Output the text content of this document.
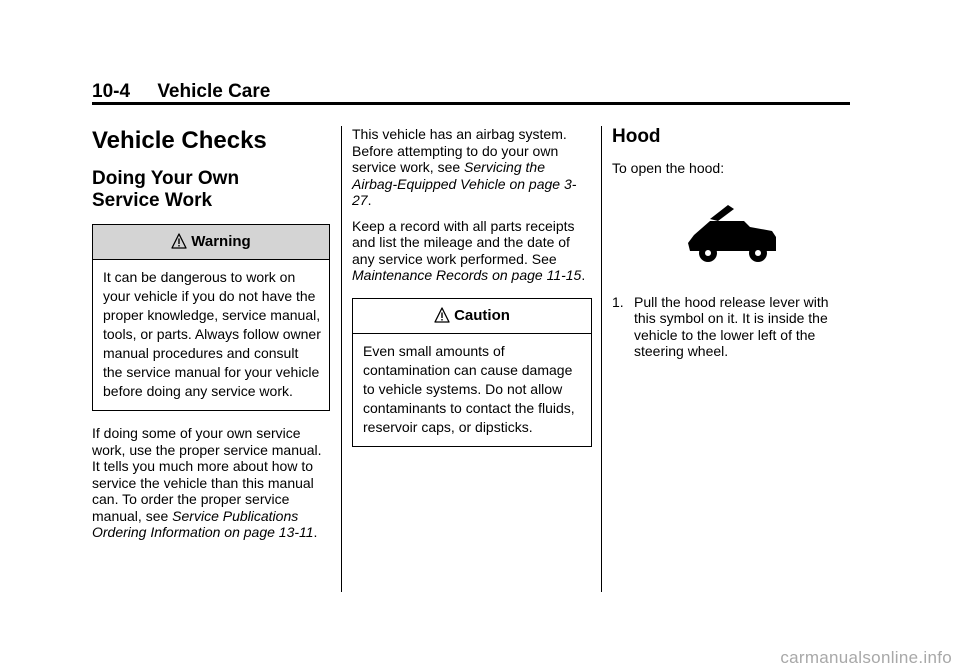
10-4 Vehicle Care
Vehicle Checks
Doing Your Own
Service Work
Warning
It can be dangerous to work on your vehicle if you do not have the proper knowledge, service manual, tools, or parts. Always follow owner manual procedures and consult the service manual for your vehicle before doing any service work.

If doing some of your own service work, use the proper service manual. It tells you much more about how to service the vehicle than this manual can. To order the proper service manual, see Service Publications Ordering Information on page 13-11.

This vehicle has an airbag system. Before attempting to do your own service work, see Servicing the Airbag-Equipped Vehicle on page 3-27.

Keep a record with all parts receipts and list the mileage and the date of any service work performed. See Maintenance Records on page 11-15.

Caution
Even small amounts of contamination can cause damage to vehicle systems. Do not allow contaminants to contact the fluids, reservoir caps, or dipsticks.
Hood

To open the hood:

1. Pull the hood release lever with this symbol on it. It is inside the vehicle to the lower left of the steering wheel.
carmanualsonline.info
